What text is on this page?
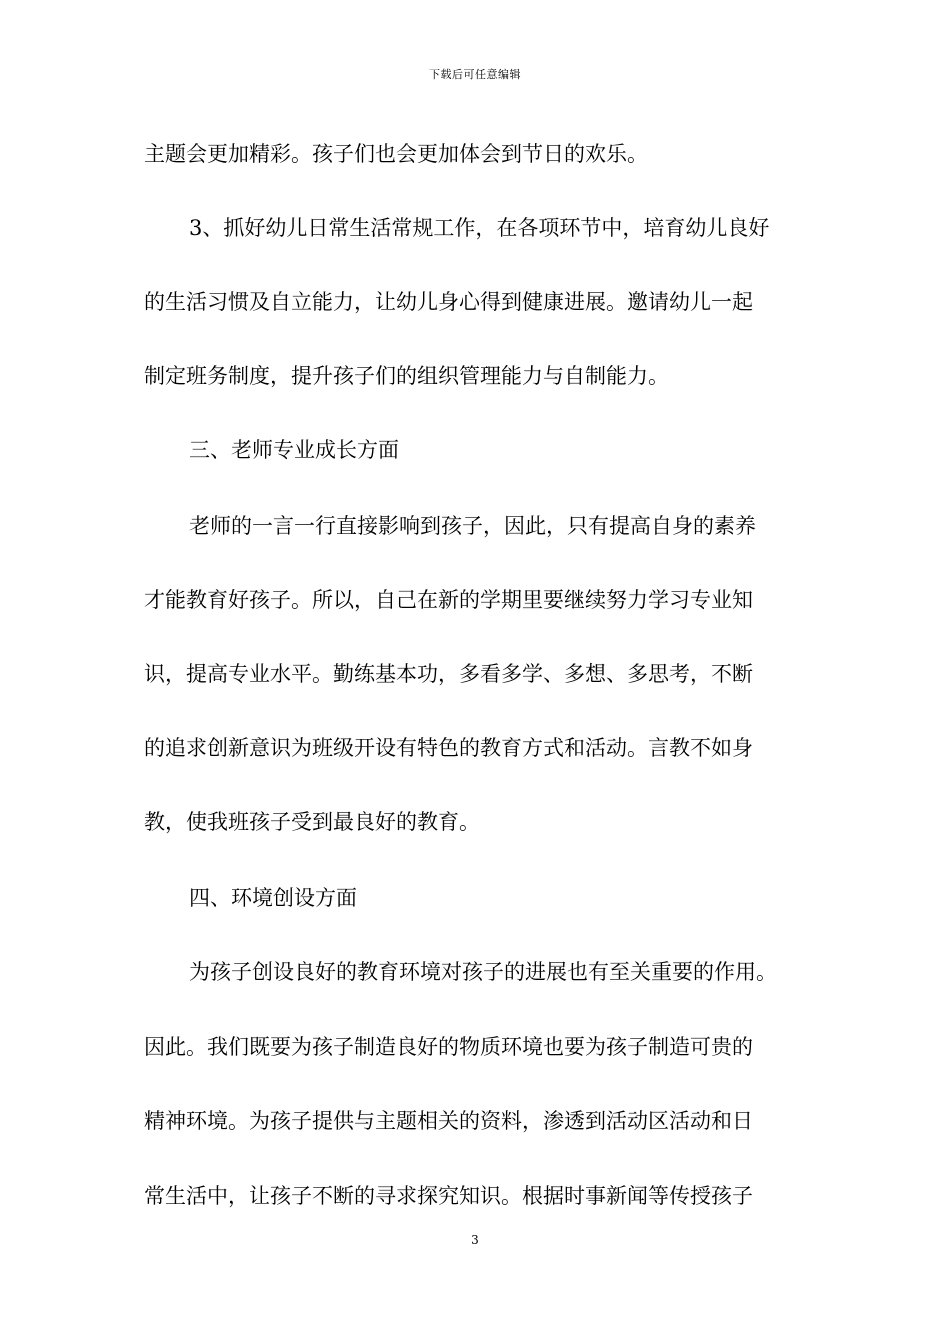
下载后可任意编辑
主题会更加精彩。孩子们也会更加体会到节日的欢乐。
3、抓好幼儿日常生活常规工作，在各项环节中，培育幼儿良好
的生活习惯及自立能力，让幼儿身心得到健康进展。邀请幼儿一起
制定班务制度，提升孩子们的组织管理能力与自制能力。
三、老师专业成长方面
老师的一言一行直接影响到孩子，因此，只有提高自身的素养
才能教育好孩子。所以，自己在新的学期里要继续努力学习专业知
识，提高专业水平。勤练基本功，多看多学、多想、多思考，不断
的追求创新意识为班级开设有特色的教育方式和活动。言教不如身
教，使我班孩子受到最良好的教育。
四、环境创设方面
为孩子创设良好的教育环境对孩子的进展也有至关重要的作用。
因此。我们既要为孩子制造良好的物质环境也要为孩子制造可贵的
精神环境。为孩子提供与主题相关的资料，渗透到活动区活动和日
常生活中，让孩子不断的寻求探究知识。根据时事新闻等传授孩子
3
